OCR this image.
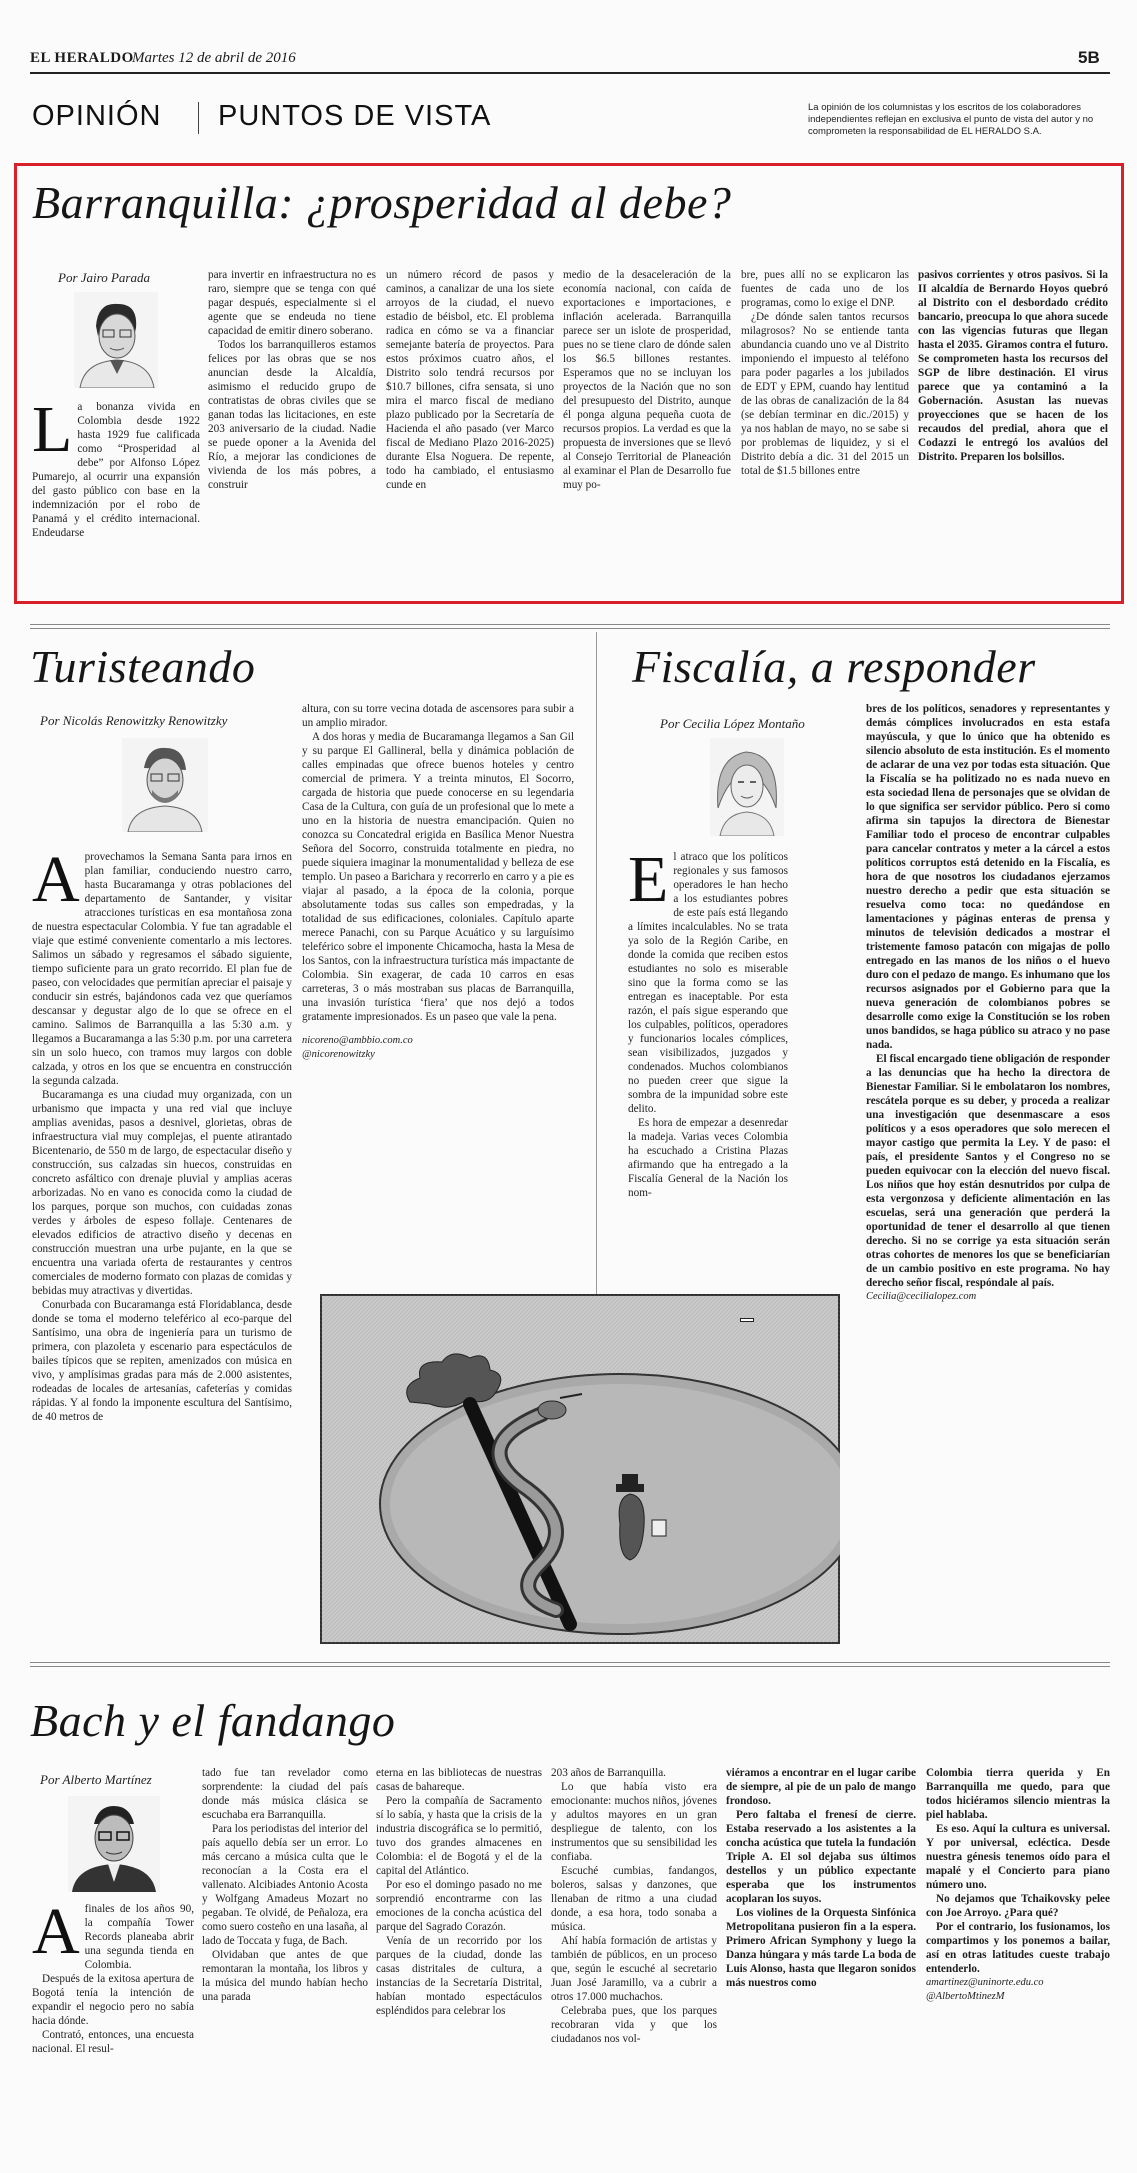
EL HERALDO
Martes 12 de abril de 2016	5B
OPINIÓN PUNTOS DE VISTA	La opinión de los columnistas y los escritos de los colaboradores independientes reflejan en exclusiva el punto de vista del autor y no comprometen la responsabilidad de EL HERALDO S.A.
Barranquilla: ¿prosperidad al debe?
Por Jairo Parada
L a bonanza vivida en Colombia desde 1922 hasta 1929 fue calificada como “Prosperidad al debe” por Alfonso López Pumarejo, al ocurrir una expansión del gasto público con base en la indemnización por el robo de Panamá y el crédito internacional. Endeudarse

para invertir en infraestructura no es raro, siempre que se tenga con qué pagar después, especialmente si el agente que se endeuda no tiene capacidad de emitir dinero soberano.

Todos los barranquilleros estamos felices por las obras que se nos anuncian desde la Alcaldía, asimismo el reducido grupo de contratistas de obras civiles que se ganan todas las licitaciones, en este 203 aniversario de la ciudad. Nadie se puede oponer a la Avenida del Río, a mejorar las condiciones de vivienda de los más pobres, a construir

un número récord de pasos y caminos, a canalizar de una los siete arroyos de la ciudad, el nuevo estadio de béisbol, etc. El problema radica en cómo se va a financiar semejante batería de proyectos. Para estos próximos cuatro años, el Distrito solo tendrá recursos por $10.7 billones, cifra sensata, si uno mira el marco fiscal de mediano plazo publicado por la Secretaría de Hacienda el año pasado (ver Marco fiscal de Mediano Plazo 2016-2025) durante Elsa Noguera. De repente, todo ha cambiado, el entusiasmo cunde en

medio de la desaceleración de la economía nacional, con caída de exportaciones e importaciones, e inflación acelerada. Barranquilla parece ser un islote de prosperidad, pues no se tiene claro de dónde salen los $6.5 billones restantes. Esperamos que no se incluyan los proyectos de la Nación que no son del presupuesto del Distrito, aunque él ponga alguna pequeña cuota de recursos propios. La verdad es que la propuesta de inversiones que se llevó al Consejo Territorial de Planeación al examinar el Plan de Desarrollo fue muy po-

bre, pues allí no se explicaron las fuentes de cada uno de los programas, como lo exige el DNP.

¿De dónde salen tantos recursos milagrosos? No se entiende tanta abundancia cuando uno ve al Distrito imponiendo el impuesto al teléfono para poder pagarles a los jubilados de EDT y EPM, cuando hay lentitud de las obras de canalización de la 84 (se debían terminar en dic./2015) y ya nos hablan de mayo, no se sabe si por problemas de liquidez, y si el Distrito debía a dic. 31 del 2015 un total de $1.5 billones entre

pasivos corrientes y otros pasivos. Si la II alcaldía de Bernardo Hoyos quebró al Distrito con el desbordado crédito bancario, preocupa lo que ahora sucede con las vigencias futuras que llegan hasta el 2035. Giramos contra el futuro. Se comprometen hasta los recursos del SGP de libre destinación. El virus parece que ya contaminó a la Gobernación. Asustan las nuevas proyecciones que se hacen de los recaudos del predial, ahora que el Codazzi le entregó los avalúos del Distrito. Preparen los bolsillos.

Turisteando
Por Nicolás Renowitzky Renowitzky
A provechamos la Semana Santa para irnos en plan familiar, conduciendo nuestro carro, hasta Bucaramanga y otras poblaciones del departamento de Santander, y visitar atracciones turísticas en esa montañosa zona de nuestra espectacular Colombia. Y fue tan agradable el viaje que estimé conveniente comentarlo a mis lectores. Salimos un sábado y regresamos el sábado siguiente, tiempo suficiente para un grato recorrido. El plan fue de paseo, con velocidades que permitían apreciar el paisaje y conducir sin estrés, bajándonos cada vez que queríamos descansar y degustar algo de lo que se ofrece en el camino. Salimos de Barranquilla a las 5:30 a.m. y llegamos a Bucaramanga a las 5:30 p.m. por una carretera sin un solo hueco, con tramos muy largos con doble calzada, y otros en los que se encuentra en construcción la segunda calzada.

Bucaramanga es una ciudad muy organizada, con un urbanismo que impacta y una red vial que incluye amplias avenidas, pasos a desnivel, glorietas, obras de infraestructura vial muy complejas, el puente atirantado Bicentenario, de 550 m de largo, de espectacular diseño y construcción, sus calzadas sin huecos, construidas en concreto asfáltico con drenaje pluvial y amplias aceras arborizadas. No en vano es conocida como la ciudad de los parques, porque son muchos, con cuidadas zonas verdes y árboles de espeso follaje. Centenares de elevados edificios de atractivo diseño y decenas en construcción muestran una urbe pujante, en la que se encuentra una variada oferta de restaurantes y centros comerciales de moderno formato con plazas de comidas y bebidas muy atractivas y divertidas.

Conurbada con Bucaramanga está Floridablanca, desde donde se toma el moderno teleférico al eco-parque del Santísimo, una obra de ingeniería para un turismo de primera, con plazoleta y escenario para espectáculos de bailes típicos que se repiten, amenizados con música en vivo, y amplísimas gradas para más de 2.000 asistentes, rodeadas de locales de artesanías, cafeterías y comidas rápidas. Y al fondo la imponente escultura del Santísimo, de 40 metros de

altura, con su torre vecina dotada de ascensores para subir a un amplio mirador.

A dos horas y media de Bucaramanga llegamos a San Gil y su parque El Gallineral, bella y dinámica población de calles empinadas que ofrece buenos hoteles y centro comercial de primera. Y a treinta minutos, El Socorro, cargada de historia que puede conocerse en su legendaria Casa de la Cultura, con guía de un profesional que lo mete a uno en la historia de nuestra emancipación. Quien no conozca su Concatedral erigida en Basílica Menor Nuestra Señora del Socorro, construida totalmente en piedra, no puede siquiera imaginar la monumentalidad y belleza de ese templo. Un paseo a Barichara y recorrerlo en carro y a pie es viajar al pasado, a la época de la colonia, porque absolutamente todas sus calles son empedradas, y la totalidad de sus edificaciones, coloniales. Capítulo aparte merece Panachi, con su Parque Acuático y su larguísimo teleférico sobre el imponente Chicamocha, hasta la Mesa de los Santos, con la infraestructura turística más impactante de Colombia. Sin exagerar, de cada 10 carros en esas carreteras, 3 o más mostraban sus placas de Barranquilla, una invasión turística ‘fiera’ que nos dejó a todos gratamente impresionados. Es un paseo que vale la pena.

nicoreno@ambbio.com.co

@nicorenowitzky

Fiscalía, a responder
Por Cecilia López Montaño
E l atraco que los políticos regionales y sus famosos operadores le han hecho a los estudiantes pobres de este país está llegando a límites incalculables. No se trata ya solo de la Región Caribe, en donde la comida que reciben estos estudiantes no solo es miserable sino que la forma como se las entregan es inaceptable. Por esta razón, el país sigue esperando que los culpables, políticos, operadores y funcionarios locales cómplices, sean visibilizados, juzgados y condenados. Muchos colombianos no pueden creer que sigue la sombra de la impunidad sobre este delito.

Es hora de empezar a desenredar la madeja. Varias veces Colombia ha escuchado a Cristina Plazas afirmando que ha entregado a la Fiscalía General de la Nación los nom-

bres de los políticos, senadores y representantes y demás cómplices involucrados en esta estafa mayúscula, y que lo único que ha obtenido es silencio absoluto de esta institución. Es el momento de aclarar de una vez por todas esta situación. Que la Fiscalía se ha politizado no es nada nuevo en esta sociedad llena de personajes que se olvidan de lo que significa ser servidor público. Pero si como afirma sin tapujos la directora de Bienestar Familiar todo el proceso de encontrar culpables para cancelar contratos y meter a la cárcel a estos políticos corruptos está detenido en la Fiscalía, es hora de que nosotros los ciudadanos ejerzamos nuestro derecho a pedir que esta situación se resuelva como toca: no quedándose en lamentaciones y páginas enteras de prensa y minutos de televisión dedicados a mostrar el tristemente famoso patacón con migajas de pollo entregado en las manos de los niños o el huevo duro con el pedazo de mango. Es inhumano que los recursos asignados por el Gobierno para que la nueva generación de colombianos pobres se desarrolle como exige la Constitución se los roben unos bandidos, se haga público su atraco y no pase nada.

El fiscal encargado tiene obligación de responder a las denuncias que ha hecho la directora de Bienestar Familiar. Si le embolataron los nombres, rescátela porque es su deber, y proceda a realizar una investigación que desenmascare a esos políticos y a esos operadores que solo merecen el mayor castigo que permita la Ley. Y de paso: el país, el presidente Santos y el Congreso no se pueden equivocar con la elección del nuevo fiscal. Los niños que hoy están desnutridos por culpa de esta vergonzosa y deficiente alimentación en las escuelas, será una generación que perderá la oportunidad de tener el desarrollo al que tienen derecho. Si no se corrige ya esta situación serán otras cohortes de menores los que se beneficiarían de un cambio positivo en este programa. No hay derecho señor fiscal, respóndale al país.

Cecilia@cecilialopez.com

Bach y el fandango
Por Alberto Martínez
A finales de los años 90, la compañía Tower Records planeaba abrir una segunda tienda en Colombia.

Después de la exitosa apertura de Bogotá tenía la intención de expandir el negocio pero no sabía hacia dónde.

Contrató, entonces, una encuesta nacional. El resul-

tado fue tan revelador como sorprendente: la ciudad del país donde más música clásica se escuchaba era Barranquilla.

Para los periodistas del interior del país aquello debía ser un error. Lo más cercano a música culta que le reconocían a la Costa era el vallenato. Alcibiades Antonio Acosta y Wolfgang Amadeus Mozart no pegaban. Te olvidé, de Peñaloza, era como suero costeño en una lasaña, al lado de Toccata y fuga, de Bach.

Olvidaban que antes de que remontaran la montaña, los libros y la música del mundo habían hecho una parada

eterna en las bibliotecas de nuestras casas de bahareque.

Pero la compañía de Sacramento sí lo sabía, y hasta que la crisis de la industria discográfica se lo permitió, tuvo dos grandes almacenes en Colombia: el de Bogotá y el de la capital del Atlántico.

Por eso el domingo pasado no me sorprendió encontrarme con las emociones de la concha acústica del parque del Sagrado Corazón.

Venía de un recorrido por los parques de la ciudad, donde las casas distritales de cultura, a instancias de la Secretaría Distrital, habían montado espectáculos espléndidos para celebrar los

203 años de Barranquilla.

Lo que había visto era emocionante: muchos niños, jóvenes y adultos mayores en un gran despliegue de talento, con los instrumentos que su sensibilidad les confiaba.

Escuché cumbias, fandangos, boleros, salsas y danzones, que llenaban de ritmo a una ciudad donde, a esa hora, todo sonaba a música.

Ahí había formación de artistas y también de públicos, en un proceso que, según le escuché al secretario Juan José Jaramillo, va a cubrir a otros 17.000 muchachos.

Celebraba pues, que los parques recobraran vida y que los ciudadanos nos vol-

viéramos a encontrar en el lugar caribe de siempre, al pie de un palo de mango frondoso.

Pero faltaba el frenesí de cierre. Estaba reservado a los asistentes a la concha acústica que tutela la fundación Triple A. El sol dejaba sus últimos destellos y un público expectante esperaba que los instrumentos acoplaran los suyos.

Los violines de la Orquesta Sinfónica Metropolitana pusieron fin a la espera. Primero African Symphony y luego la Danza húngara y más tarde La boda de Luis Alonso, hasta que llegaron sonidos más nuestros como

Colombia tierra querida y En Barranquilla me quedo, para que todos hiciéramos silencio mientras la piel hablaba.

Es eso. Aquí la cultura es universal. Y por universal, ecléctica. Desde nuestra génesis tenemos oído para el mapalé y el Concierto para piano número uno.

No dejamos que Tchaikovsky pelee con Joe Arroyo. ¿Para qué?

Por el contrario, los fusionamos, los compartimos y los ponemos a bailar, así en otras latitudes cueste trabajo entenderlo.

amartinez@uninorte.edu.co

@AlbertoMtinezM
